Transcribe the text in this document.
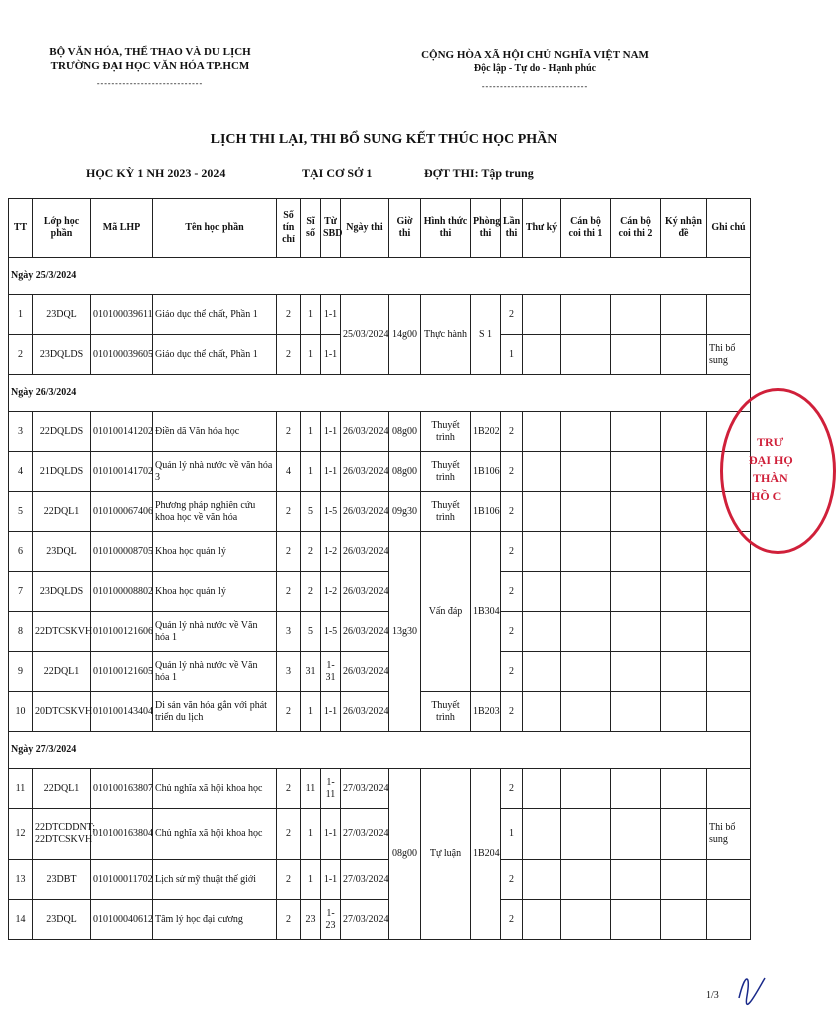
BỘ VĂN HÓA, THỂ THAO VÀ DU LỊCH
TRƯỜNG ĐẠI HỌC VĂN HÓA TP.HCM
-----------------------------
CỘNG HÒA XÃ HỘI CHỦ NGHĨA VIỆT NAM
Độc lập - Tự do - Hạnh phúc
-----------------------------
LỊCH THI LẠI, THI BỔ SUNG KẾT THÚC HỌC PHẦN
HỌC KỲ 1 NH 2023 - 2024	TẠI CƠ SỞ 1	ĐỢT THI: Tập trung
TT	Lớp học phần	Mã LHP	Tên học phần	Số tín chỉ	Sĩ số	Từ SBD	Ngày thi	Giờ thi	Hình thức thi	Phòng thi	Lần thi	Thư ký	Cán bộ coi thi 1	Cán bộ coi thi 2	Ký nhận đề	Ghi chú
Ngày 25/3/2024																
1	23DQL	010100039611	Giáo dục thể chất, Phần 1	2	1	1-1	25/03/2024	14g00	Thực hành	S 1	2					
2	23DQLDS	010100039605	Giáo dục thể chất, Phần 1	2	1	1-1					1					Thi bổ sung
Ngày 26/3/2024																
3	22DQLDS	010100141202	Điền dã Văn hóa học	2	1	1-1	26/03/2024	08g00	Thuyết trình	1B202	2					
4	21DQLDS	010100141702	Quản lý nhà nước về văn hóa 3	4	1	1-1	26/03/2024	08g00	Thuyết trình	1B106	2					
5	22DQL1	010100067406	Phương pháp nghiên cứu khoa học về văn hóa	2	5	1-5	26/03/2024	09g30	Thuyết trình	1B106	2					
6	23DQL	010100008705	Khoa học quản lý	2	2	1-2	26/03/2024	13g30	Vấn đáp	1B304	2					
7	23DQLDS	010100008802	Khoa học quản lý	2	2	1-2	26/03/2024				2					
8	22DTCSKVH	010100121606	Quản lý nhà nước về Văn hóa 1	3	5	1-5	26/03/2024				2					
9	22DQL1	010100121605	Quản lý nhà nước về Văn hóa 1	3	31	1-31	26/03/2024				2					
10	20DTCSKVH	010100143404	Di sản văn hóa gắn với phát triển du lịch	2	1	1-1	26/03/2024		Thuyết trình	1B203	2					
Ngày 27/3/2024																
11	22DQL1	010100163807	Chủ nghĩa xã hội khoa học	2	11	1-11	27/03/2024	08g00	Tự luận	1B204	2					
12	22DTCDDNT; 22DTCSKVH	010100163804	Chủ nghĩa xã hội khoa học	2	1	1-1	27/03/2024				1					Thi bổ sung
13	23DBT	010100011702	Lịch sử mỹ thuật thế giới	2	1	1-1	27/03/2024				2					
14	23DQL	010100040612	Tâm lý học đại cương	2	23	1-23	27/03/2024				2					
TRƯ
ĐẠI HỌ
THÀN
HỒ C
1/3
